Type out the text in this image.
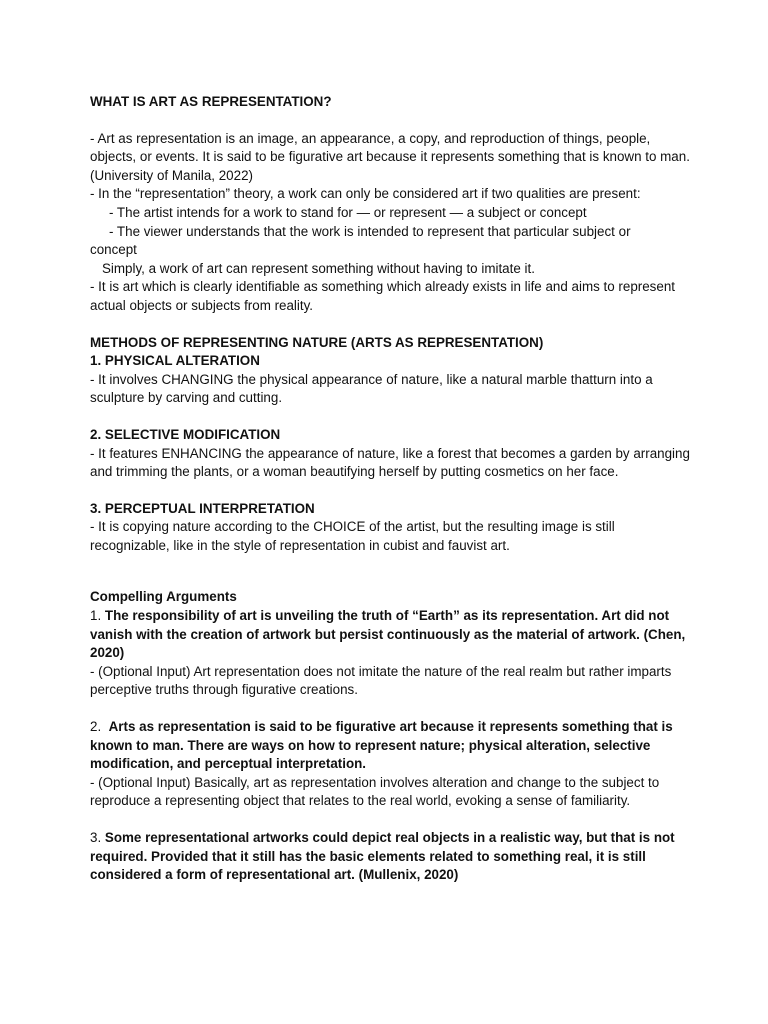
WHAT IS ART AS REPRESENTATION?

- Art as representation is an image, an appearance, a copy, and reproduction of things, people, objects, or events. It is said to be figurative art because it represents something that is known to man. (University of Manila, 2022)

- In the “representation” theory, a work can only be considered art if two qualities are present:

- The artist intends for a work to stand for — or represent — a subject or concept

- The viewer understands that the work is intended to represent that particular subject or

concept

Simply, a work of art can represent something without having to imitate it.

- It is art which is clearly identifiable as something which already exists in life and aims to represent actual objects or subjects from reality.

METHODS OF REPRESENTING NATURE (ARTS AS REPRESENTATION)

1. PHYSICAL ALTERATION

- It involves CHANGING the physical appearance of nature, like a natural marble thatturn into a sculpture by carving and cutting.

2. SELECTIVE MODIFICATION

- It features ENHANCING the appearance of nature, like a forest that becomes a garden by arranging and trimming the plants, or a woman beautifying herself by putting cosmetics on her face.

3. PERCEPTUAL INTERPRETATION

- It is copying nature according to the CHOICE of the artist, but the resulting image is still recognizable, like in the style of representation in cubist and fauvist art.

Compelling Arguments

1. The responsibility of art is unveiling the truth of “Earth” as its representation. Art did not vanish with the creation of artwork but persist continuously as the material of artwork. (Chen, 2020)

- (Optional Input) Art representation does not imitate the nature of the real realm but rather imparts perceptive truths through figurative creations.

2.  Arts as representation is said to be figurative art because it represents something that is known to man. There are ways on how to represent nature; physical alteration, selective modification, and perceptual interpretation.

- (Optional Input) Basically, art as representation involves alteration and change to the subject to reproduce a representing object that relates to the real world, evoking a sense of familiarity.

3. Some representational artworks could depict real objects in a realistic way, but that is not required. Provided that it still has the basic elements related to something real, it is still considered a form of representational art. (Mullenix, 2020)
